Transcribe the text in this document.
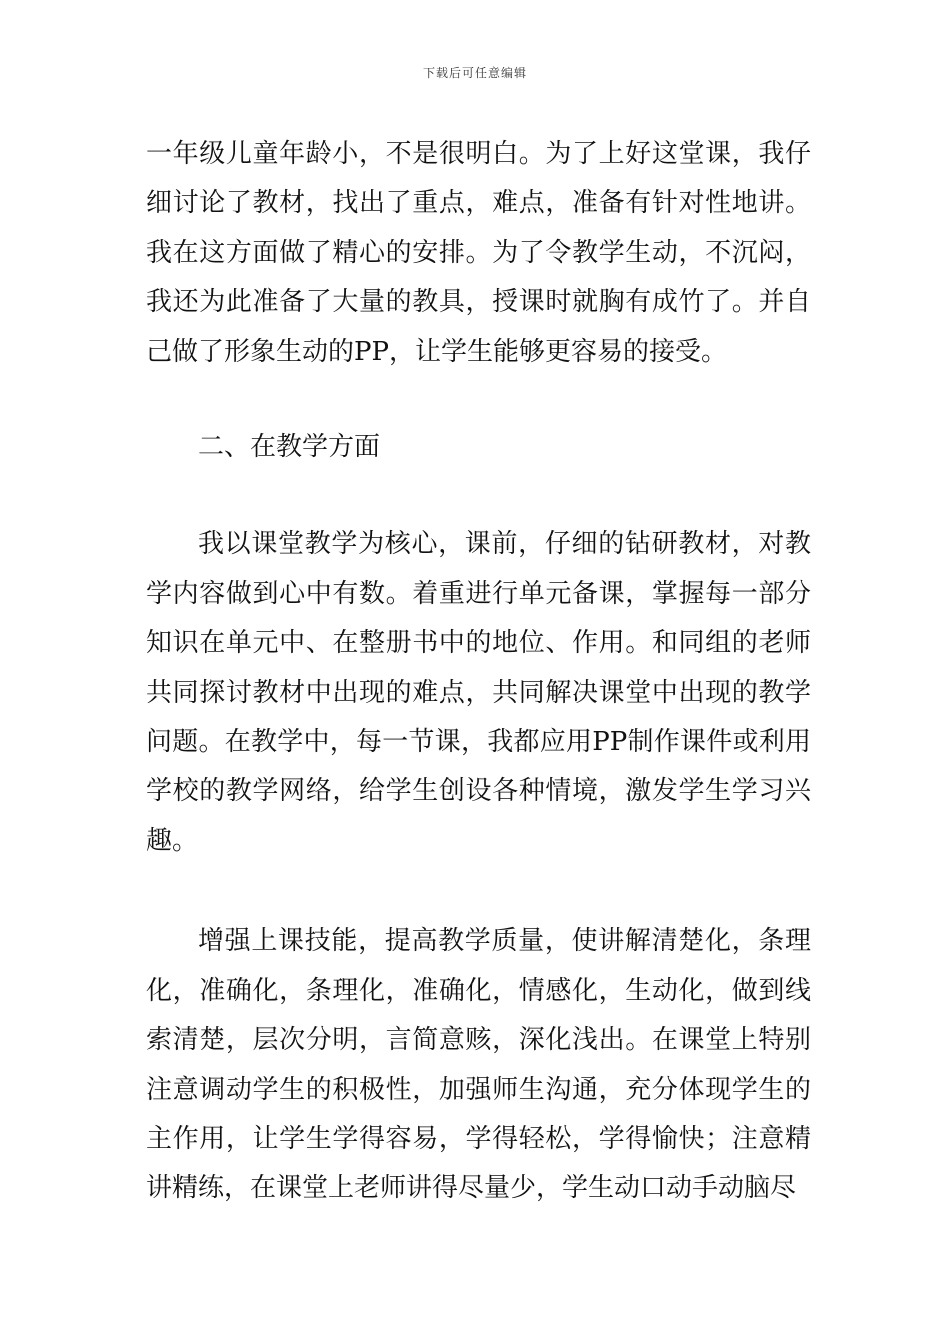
下载后可任意编辑

一年级儿童年龄小，不是很明白。为了上好这堂课，我仔细讨论了教材，找出了重点，难点，准备有针对性地讲。我在这方面做了精心的安排。为了令教学生动，不沉闷，我还为此准备了大量的教具，授课时就胸有成竹了。并自己做了形象生动的PP，让学生能够更容易的接受。

二、在教学方面

我以课堂教学为核心，课前，仔细的钻研教材，对教学内容做到心中有数。着重进行单元备课，掌握每一部分知识在单元中、在整册书中的地位、作用。和同组的老师共同探讨教材中出现的难点，共同解决课堂中出现的教学问题。在教学中，每一节课，我都应用PP制作课件或利用学校的教学网络，给学生创设各种情境，激发学生学习兴趣。

增强上课技能，提高教学质量，使讲解清楚化，条理化，准确化，条理化，准确化，情感化，生动化，做到线索清楚，层次分明，言简意赅，深化浅出。在课堂上特别注意调动学生的积极性，加强师生沟通，充分体现学生的主作用，让学生学得容易，学得轻松，学得愉快；注意精讲精练，在课堂上老师讲得尽量少，学生动口动手动脑尽
